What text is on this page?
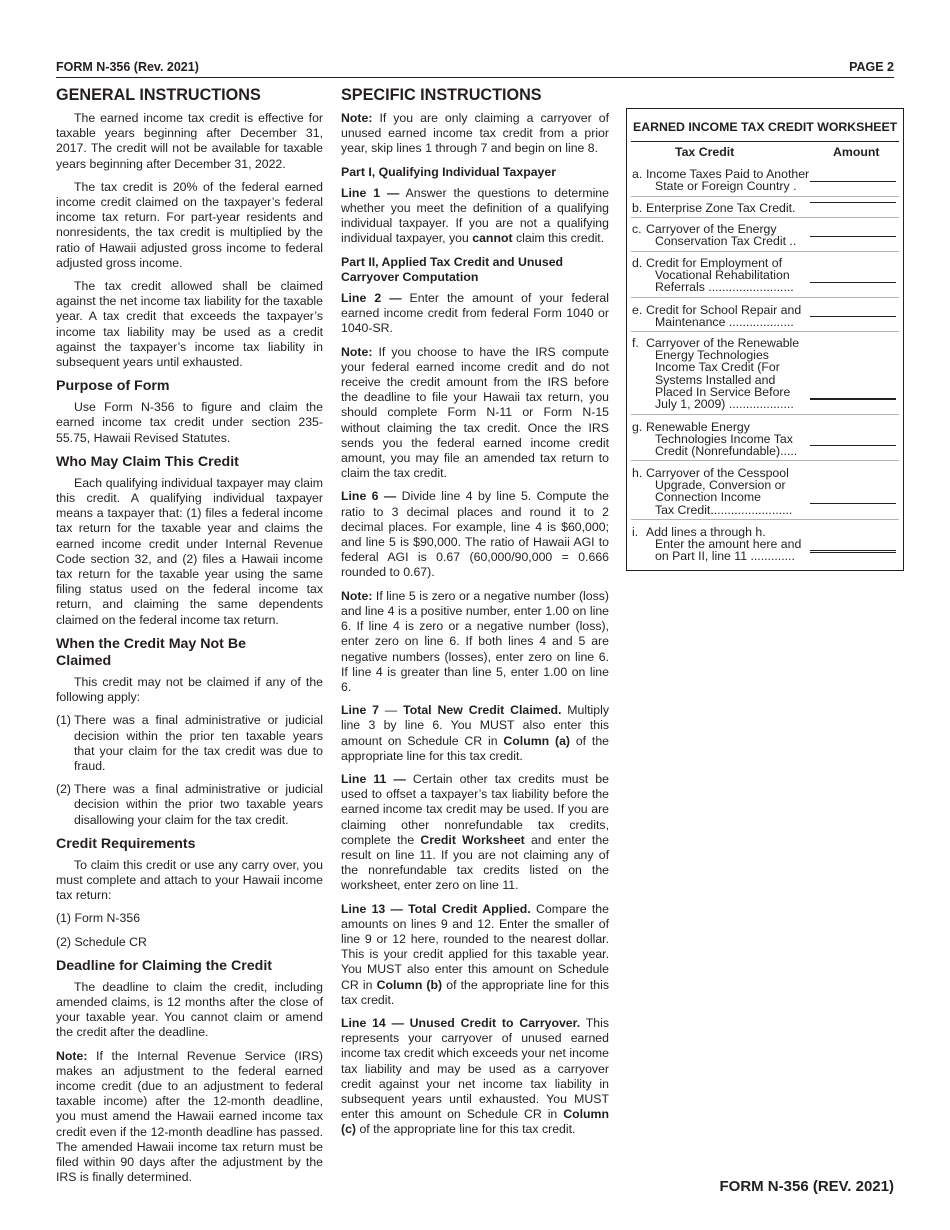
FORM N-356 (Rev. 2021)	PAGE 2
GENERAL INSTRUCTIONS

The earned income tax credit is effective for taxable years beginning after December 31, 2017. The credit will not be available for taxable years beginning after December 31, 2022.

The tax credit is 20% of the federal earned income credit claimed on the taxpayer’s federal income tax return. For part-year residents and nonresidents, the tax credit is multiplied by the ratio of Hawaii adjusted gross income to federal adjusted gross income.

The tax credit allowed shall be claimed against the net income tax liability for the taxable year. A tax credit that exceeds the taxpayer’s income tax liability may be used as a credit against the taxpayer’s income tax liability in subsequent years until exhausted.

Purpose of Form

Use Form N-356 to figure and claim the earned income tax credit under section 235-55.75, Hawaii Revised Statutes.

Who May Claim This Credit

Each qualifying individual taxpayer may claim this credit. A qualifying individual taxpayer means a taxpayer that: (1) files a federal income tax return for the taxable year and claims the earned income credit under Internal Revenue Code section 32, and (2) files a Hawaii income tax return for the taxable year using the same filing status used on the federal income tax return, and claiming the same dependents claimed on the federal income tax return.

When the Credit May Not Be Claimed

This credit may not be claimed if any of the following apply:

(1) There was a final administrative or judicial decision within the prior ten taxable years that your claim for the tax credit was due to fraud.
(2) There was a final administrative or judicial decision within the prior two taxable years disallowing your claim for the tax credit.
Credit Requirements

To claim this credit or use any carry over, you must complete and attach to your Hawaii income tax return:

(1) Form N-356

(2) Schedule CR

Deadline for Claiming the Credit

The deadline to claim the credit, including amended claims, is 12 months after the close of your taxable year. You cannot claim or amend the credit after the deadline.

Note: If the Internal Revenue Service (IRS) makes an adjustment to the federal earned income credit (due to an adjustment to federal taxable income) after the 12-month deadline, you must amend the Hawaii earned income tax credit even if the 12-month deadline has passed. The amended Hawaii income tax return must be filed within 90 days after the adjustment by the IRS is finally determined.

SPECIFIC INSTRUCTIONS

Note: If you are only claiming a carryover of unused earned income tax credit from a prior year, skip lines 1 through 7 and begin on line 8.

Part I, Qualifying Individual Taxpayer

Line 1 — Answer the questions to determine whether you meet the definition of a qualifying individual taxpayer. If you are not a qualifying individual taxpayer, you cannot claim this credit.

Part II, Applied Tax Credit and Unused Carryover Computation

Line 2 — Enter the amount of your federal earned income credit from federal Form 1040 or 1040-SR.

Note: If you choose to have the IRS compute your federal earned income credit and do not receive the credit amount from the IRS before the deadline to file your Hawaii tax return, you should complete Form N-11 or Form N-15 without claiming the tax credit. Once the IRS sends you the federal earned income credit amount, you may file an amended tax return to claim the tax credit.

Line 6 — Divide line 4 by line 5. Compute the ratio to 3 decimal places and round it to 2 decimal places. For example, line 4 is $60,000; and line 5 is $90,000. The ratio of Hawaii AGI to federal AGI is 0.67 (60,000/90,000 = 0.666 rounded to 0.67).

Note: If line 5 is zero or a negative number (loss) and line 4 is a positive number, enter 1.00 on line 6. If line 4 is zero or a negative number (loss), enter zero on line 6. If both lines 4 and 5 are negative numbers (losses), enter zero on line 6. If line 4 is greater than line 5, enter 1.00 on line 6.

Line 7 — Total New Credit Claimed. Multiply line 3 by line 6. You MUST also enter this amount on Schedule CR in Column (a) of the appropriate line for this tax credit.

Line 11 — Certain other tax credits must be used to offset a taxpayer’s tax liability before the earned income tax credit may be used. If you are claiming other nonrefundable tax credits, complete the Credit Worksheet and enter the result on line 11. If you are not claiming any of the nonrefundable tax credits listed on the worksheet, enter zero on line 11.

Line 13 — Total Credit Applied. Compare the amounts on lines 9 and 12. Enter the smaller of line 9 or 12 here, rounded to the nearest dollar. This is your credit applied for this taxable year. You MUST also enter this amount on Schedule CR in Column (b) of the appropriate line for this tax credit.

Line 14 — Unused Credit to Carryover. This represents your carryover of unused earned income tax credit which exceeds your net income tax liability and may be used as a carryover credit against your net income tax liability in subsequent years until exhausted. You MUST enter this amount on Schedule CR in Column (c) of the appropriate line for this tax credit.

EARNED INCOME TAX CREDIT WORKSHEET
Tax Credit	Amount
a. Income Taxes Paid to Another
State or Foreign Country .
b. Enterprise Zone Tax Credit.
c. Carryover of the Energy
Conservation Tax Credit ..
d. Credit for Employment of
Vocational Rehabilitation
Referrals .........................
e. Credit for School Repair and
Maintenance ...................
f. Carryover of the Renewable
Energy Technologies
Income Tax Credit (For
Systems Installed and
Placed In Service Before
July 1, 2009) ...................
g. Renewable Energy
Technologies Income Tax
Credit (Nonrefundable).....
h. Carryover of the Cesspool
Upgrade, Conversion or
Connection Income
Tax Credit........................
i. Add lines a through h.
Enter the amount here and
on Part II, line 11 .............
FORM N-356 (REV. 2021)
